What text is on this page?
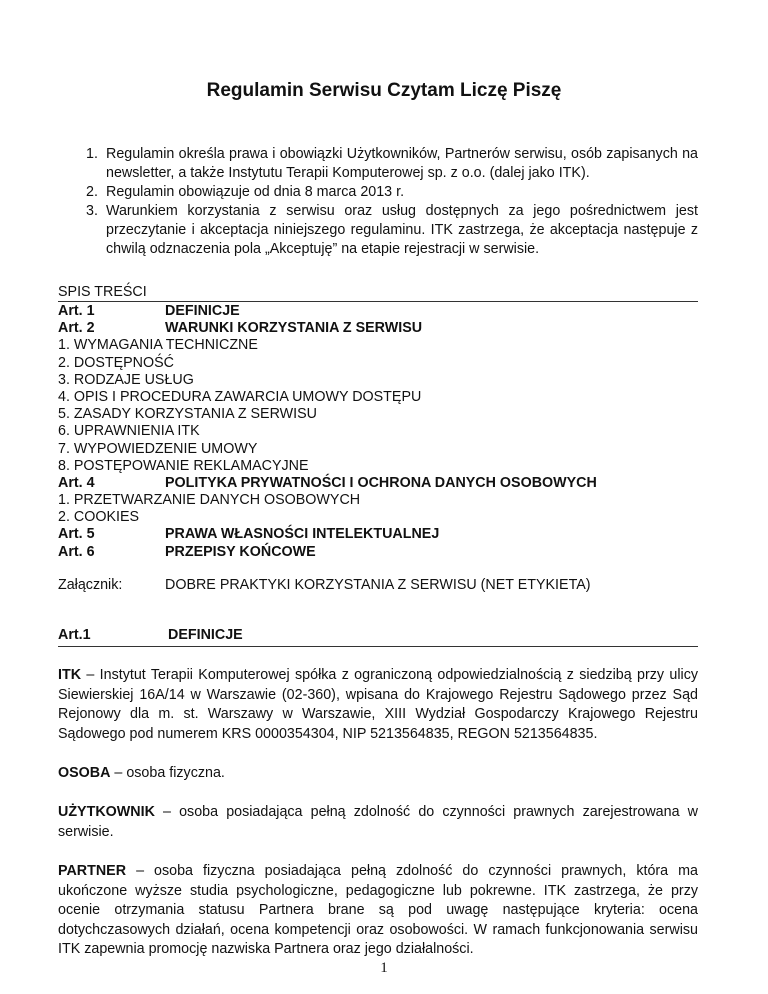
Regulamin Serwisu Czytam Liczę Piszę
1. Regulamin określa prawa i obowiązki Użytkowników, Partnerów serwisu, osób zapisanych na newsletter, a także Instytutu Terapii Komputerowej sp. z o.o. (dalej jako ITK).
2. Regulamin obowiązuje od dnia 8 marca 2013 r.
3. Warunkiem korzystania z serwisu oraz usług dostępnych za jego pośrednictwem jest przeczytanie i akceptacja niniejszego regulaminu. ITK zastrzega, że akceptacja następuje z chwilą odznaczenia pola „Akceptuję” na etapie rejestracji w serwisie.
SPIS TREŚCI
Art. 1	DEFINICJE
Art. 2	WARUNKI KORZYSTANIA Z SERWISU
1. WYMAGANIA TECHNICZNE
2. DOSTĘPNOŚĆ
3. RODZAJE USŁUG
4. OPIS I PROCEDURA ZAWARCIA UMOWY DOSTĘPU
5. ZASADY KORZYSTANIA Z SERWISU
6. UPRAWNIENIA ITK
7. WYPOWIEDZENIE UMOWY
8. POSTĘPOWANIE REKLAMACYJNE
Art. 4	POLITYKA PRYWATNOŚCI I OCHRONA DANYCH OSOBOWYCH
1. PRZETWARZANIE DANYCH OSOBOWYCH
2. COOKIES
Art. 5	PRAWA WŁASNOŚCI INTELEKTUALNEJ
Art. 6	PRZEPISY KOŃCOWE
Załącznik:	DOBRE PRAKTYKI KORZYSTANIA Z SERWISU (NET ETYKIETA)
Art.1	DEFINICJE

ITK – Instytut Terapii Komputerowej spółka z ograniczoną odpowiedzialnością z siedzibą przy ulicy Siewierskiej 16A/14 w Warszawie (02-360), wpisana do Krajowego Rejestru Sądowego przez Sąd Rejonowy dla m. st. Warszawy w Warszawie, XIII Wydział Gospodarczy Krajowego Rejestru Sądowego pod numerem KRS 0000354304, NIP 5213564835, REGON 5213564835.

OSOBA – osoba fizyczna.

UŻYTKOWNIK – osoba posiadająca pełną zdolność do czynności prawnych zarejestrowana w serwisie.

PARTNER – osoba fizyczna posiadająca pełną zdolność do czynności prawnych, która ma ukończone wyższe studia psychologiczne, pedagogiczne lub pokrewne. ITK zastrzega, że przy ocenie otrzymania statusu Partnera brane są pod uwagę następujące kryteria: ocena dotychczasowych działań, ocena kompetencji oraz osobowości. W ramach funkcjonowania serwisu ITK zapewnia promocję nazwiska Partnera oraz jego działalności.

1
